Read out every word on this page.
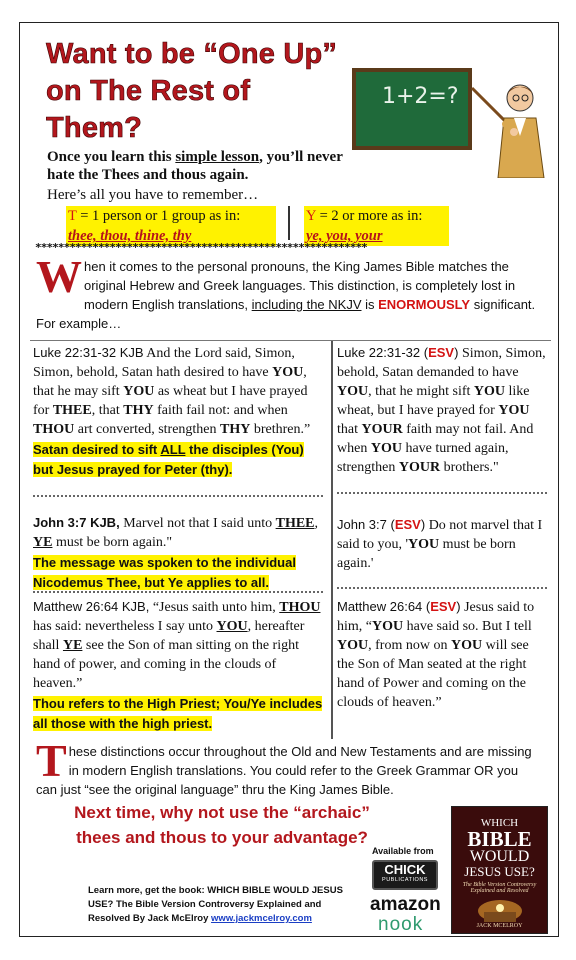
Want to be “One Up” on The Rest of Them?
1+2=?
Once you learn this simple lesson, you’ll never hate the Thees and thous again.
Here’s all you have to remember…
T = 1 person or 1 group as in:
thee, thou, thine, thy
Y = 2 or more as in:
ye, you, your
**********************************************************
When it comes to the personal pronouns, the King James Bible matches the original Hebrew and Greek languages. This distinction, is completely lost in modern English translations, including the NKJV is ENORMOUSLY significant. For example…
Luke 22:31-32 KJB And the Lord said, Simon, Simon, behold, Satan hath desired to have YOU, that he may sift YOU as wheat but I have prayed for THEE, that THY faith fail not: and when THOU art converted, strengthen THY brethren.”
Satan desired to sift ALL the disciples (You) but Jesus prayed for Peter (thy).
Luke 22:31-32 (ESV) Simon, Simon, behold, Satan demanded to have YOU, that he might sift YOU like wheat, but I have prayed for YOU that YOUR faith may not fail. And when YOU have turned again, strengthen YOUR brothers."
John 3:7 KJB, Marvel not that I said unto THEE, YE must be born again."
The message was spoken to the individual Nicodemus Thee, but Ye applies to all.
John 3:7 (ESV) Do not marvel that I said to you, 'YOU must be born again.'
Matthew 26:64 KJB, “Jesus saith unto him, THOU has said: nevertheless I say unto YOU, hereafter shall YE see the Son of man sitting on the right hand of power, and coming in the clouds of heaven.”
Thou refers to the High Priest; You/Ye includes all those with the high priest.
Matthew 26:64 (ESV) Jesus said to him, “YOU have said so. But I tell YOU, from now on YOU will see the Son of Man seated at the right hand of Power and coming on the clouds of heaven.”
These distinctions occur throughout the Old and New Testaments and are missing in modern English translations. You could refer to the Greek Grammar OR you can just “see the original language” thru the King James Bible.
Next time, why not use the “archaic” thees and thous to your advantage?
Available from
CHICK
PUBLICATIONS
amazon
nook
WHICH
BIBLE
WOULD
JESUS USE?
The Bible Version Controversy Explained and Resolved
JACK MCELROY
Learn more, get the book: WHICH BIBLE WOULD JESUS USE? The Bible Version Controversy Explained and Resolved By Jack McElroy www.jackmcelroy.com
